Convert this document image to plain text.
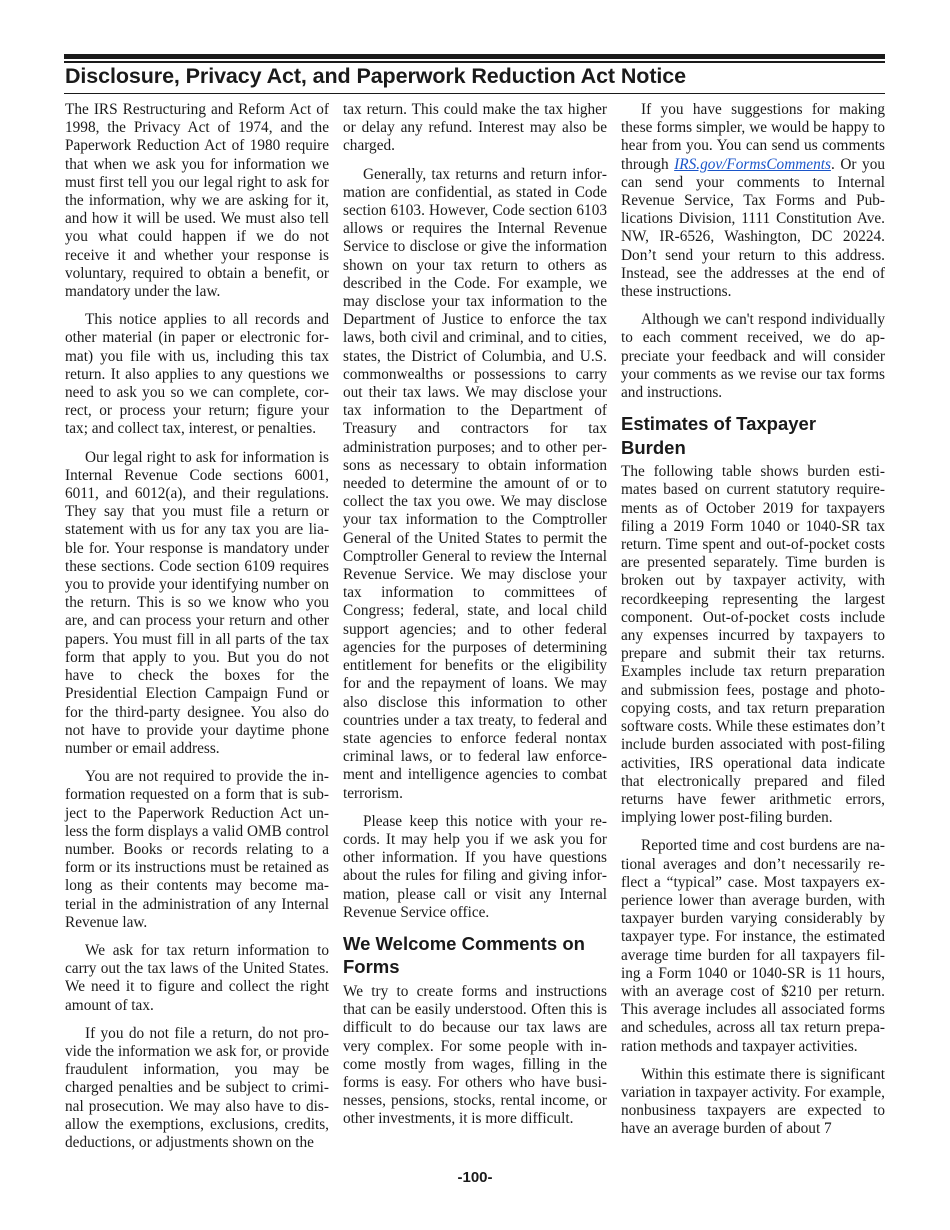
Disclosure, Privacy Act, and Paperwork Reduction Act Notice

The IRS Restructuring and Reform Act of 1998, the Privacy Act of 1974, and the Paperwork Reduction Act of 1980 require that when we ask you for information we must first tell you our legal right to ask for the information, why we are asking for it, and how it will be used. We must also tell you what could happen if we do not receive it and whether your response is voluntary, required to obtain a benefit, or mandatory under the law.

This notice applies to all records and other material (in paper or electronic format) you file with us, including this tax return. It also applies to any questions we need to ask you so we can complete, correct, or process your return; figure your tax; and collect tax, interest, or penalties.

Our legal right to ask for information is Internal Revenue Code sections 6001, 6011, and 6012(a), and their regulations. They say that you must file a return or statement with us for any tax you are liable for. Your response is mandatory under these sections. Code section 6109 requires you to provide your identifying number on the return. This is so we know who you are, and can process your return and other papers. You must fill in all parts of the tax form that apply to you. But you do not have to check the boxes for the Presidential Election Campaign Fund or for the third-party designee. You also do not have to provide your daytime phone number or email address.

You are not required to provide the information requested on a form that is subject to the Paperwork Reduction Act unless the form displays a valid OMB control number. Books or records relating to a form or its instructions must be retained as long as their contents may become material in the administration of any Internal Revenue law.

We ask for tax return information to carry out the tax laws of the United States. We need it to figure and collect the right amount of tax.

If you do not file a return, do not provide the information we ask for, or provide fraudulent information, you may be charged penalties and be subject to criminal prosecution. We may also have to disallow the exemptions, exclusions, credits, deductions, or adjustments shown on the

tax return. This could make the tax higher or delay any refund. Interest may also be charged.

Generally, tax returns and return information are confidential, as stated in Code section 6103. However, Code section 6103 allows or requires the Internal Revenue Service to disclose or give the information shown on your tax return to others as described in the Code. For example, we may disclose your tax information to the Department of Justice to enforce the tax laws, both civil and criminal, and to cities, states, the District of Columbia, and U.S. commonwealths or possessions to carry out their tax laws. We may disclose your tax information to the Department of Treasury and contractors for tax administration purposes; and to other persons as necessary to obtain information needed to determine the amount of or to collect the tax you owe. We may disclose your tax information to the Comptroller General of the United States to permit the Comptroller General to review the Internal Revenue Service. We may disclose your tax information to committees of Congress; federal, state, and local child support agencies; and to other federal agencies for the purposes of determining entitlement for benefits or the eligibility for and the repayment of loans. We may also disclose this information to other countries under a tax treaty, to federal and state agencies to enforce federal nontax criminal laws, or to federal law enforcement and intelligence agencies to combat terrorism.

Please keep this notice with your records. It may help you if we ask you for other information. If you have questions about the rules for filing and giving information, please call or visit any Internal Revenue Service office.

We Welcome Comments on Forms

We try to create forms and instructions that can be easily understood. Often this is difficult to do because our tax laws are very complex. For some people with income mostly from wages, filling in the forms is easy. For others who have businesses, pensions, stocks, rental income, or other investments, it is more difficult.

If you have suggestions for making these forms simpler, we would be happy to hear from you. You can send us comments through IRS.gov/FormsComments. Or you can send your comments to Internal Revenue Service, Tax Forms and Publications Division, 1111 Constitution Ave. NW, IR-6526, Washington, DC 20224. Don’t send your return to this address. Instead, see the addresses at the end of these instructions.

Although we can't respond individually to each comment received, we do appreciate your feedback and will consider your comments as we revise our tax forms and instructions.

Estimates of Taxpayer Burden

The following table shows burden estimates based on current statutory requirements as of October 2019 for taxpayers filing a 2019 Form 1040 or 1040-SR tax return. Time spent and out-of-pocket costs are presented separately. Time burden is broken out by taxpayer activity, with recordkeeping representing the largest component. Out-of-pocket costs include any expenses incurred by taxpayers to prepare and submit their tax returns. Examples include tax return preparation and submission fees, postage and photocopying costs, and tax return preparation software costs. While these estimates don’t include burden associated with post-filing activities, IRS operational data indicate that electronically prepared and filed returns have fewer arithmetic errors, implying lower post-filing burden.

Reported time and cost burdens are national averages and don’t necessarily reflect a “typical” case. Most taxpayers experience lower than average burden, with taxpayer burden varying considerably by taxpayer type. For instance, the estimated average time burden for all taxpayers filing a Form 1040 or 1040-SR is 11 hours, with an average cost of $210 per return. This average includes all associated forms and schedules, across all tax return preparation methods and taxpayer activities.

Within this estimate there is significant variation in taxpayer activity. For example, nonbusiness taxpayers are expected to have an average burden of about 7

-100-
